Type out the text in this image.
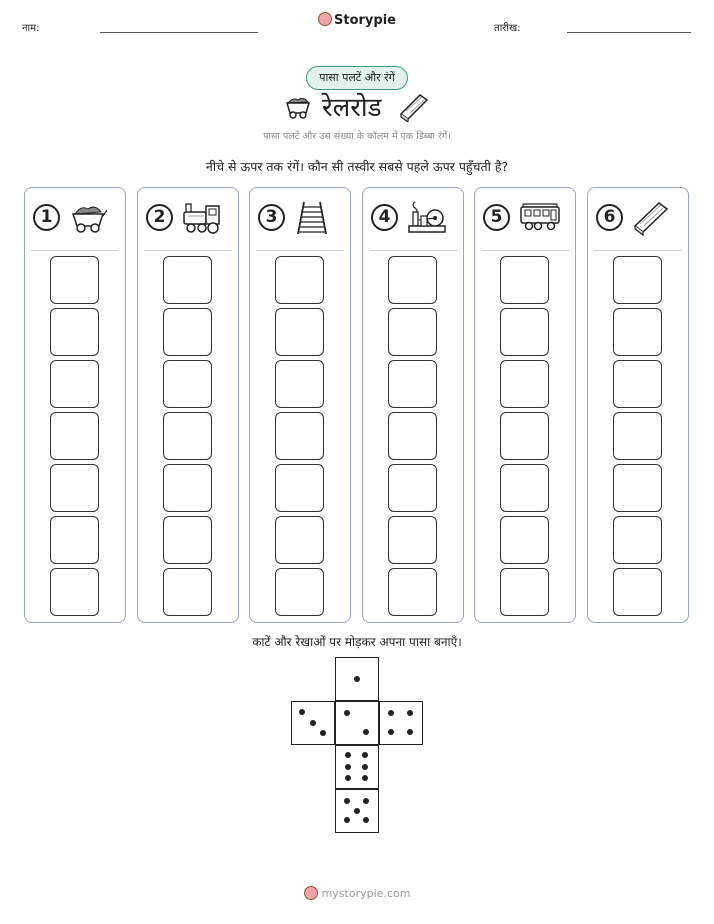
नाम:
Storypie
तारीख:
पासा पलटें और रंगें
रेलरोड
पासा पलटें और उस संख्या के कॉलम में एक डिब्बा रंगें।
नीचे से ऊपर तक रंगें। कौन सी तस्वीर सबसे पहले ऊपर पहुँचती है?
1	2	3	4	5	6
काटें और रेखाओं पर मोड़कर अपना पासा बनाएँ।
mystorypie.com
